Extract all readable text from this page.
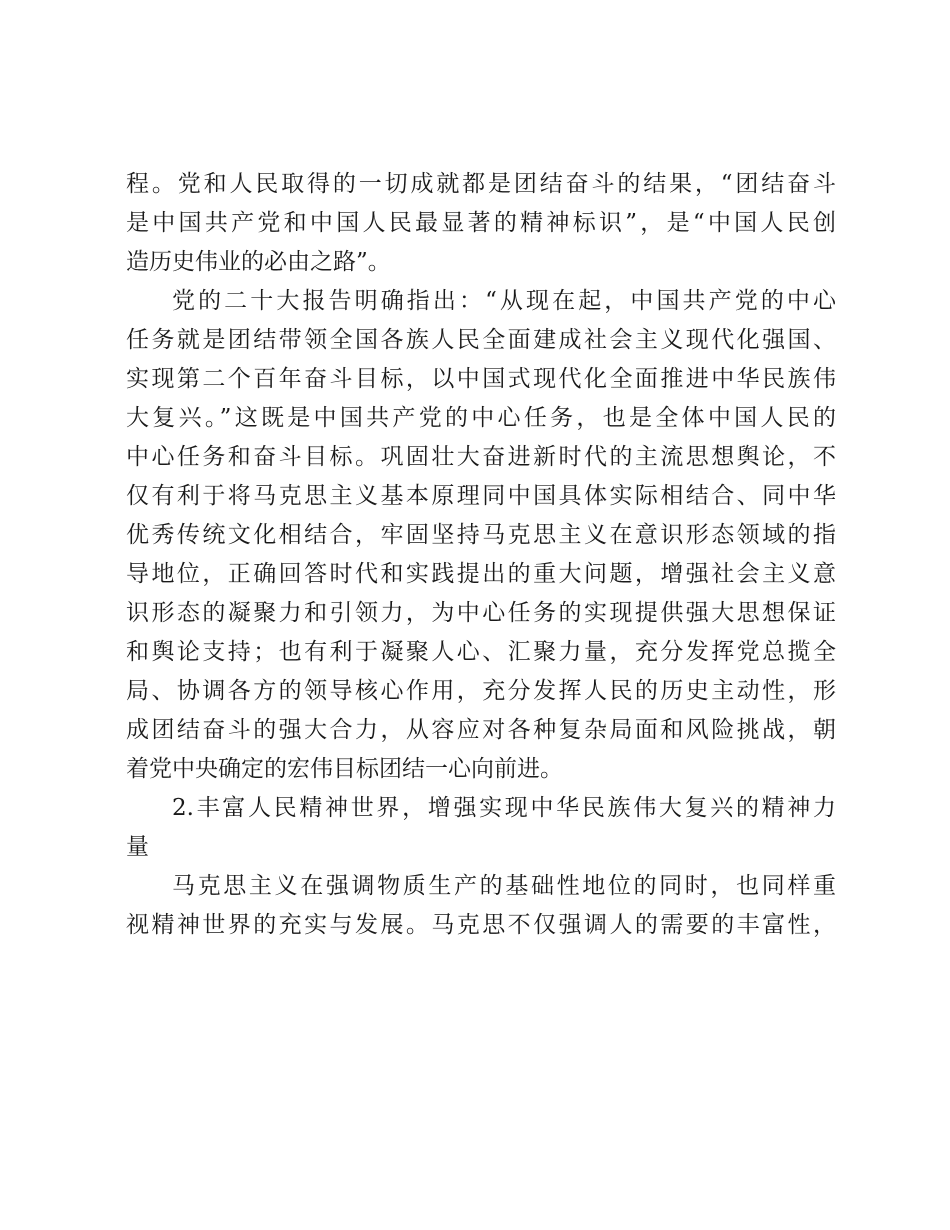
程。党和人民取得的一切成就都是团结奋斗的结果，“团结奋斗
是中国共产党和中国人民最显著的精神标识”，是“中国人民创
造历史伟业的必由之路”。
党的二十大报告明确指出：“从现在起，中国共产党的中心
任务就是团结带领全国各族人民全面建成社会主义现代化强国、
实现第二个百年奋斗目标，以中国式现代化全面推进中华民族伟
大复兴。”这既是中国共产党的中心任务，也是全体中国人民的
中心任务和奋斗目标。巩固壮大奋进新时代的主流思想舆论，不
仅有利于将马克思主义基本原理同中国具体实际相结合、同中华
优秀传统文化相结合，牢固坚持马克思主义在意识形态领域的指
导地位，正确回答时代和实践提出的重大问题，增强社会主义意
识形态的凝聚力和引领力，为中心任务的实现提供强大思想保证
和舆论支持；也有利于凝聚人心、汇聚力量，充分发挥党总揽全
局、协调各方的领导核心作用，充分发挥人民的历史主动性，形
成团结奋斗的强大合力，从容应对各种复杂局面和风险挑战，朝
着党中央确定的宏伟目标团结一心向前进。
2.丰富人民精神世界，增强实现中华民族伟大复兴的精神力
量
马克思主义在强调物质生产的基础性地位的同时，也同样重
视精神世界的充实与发展。马克思不仅强调人的需要的丰富性，
